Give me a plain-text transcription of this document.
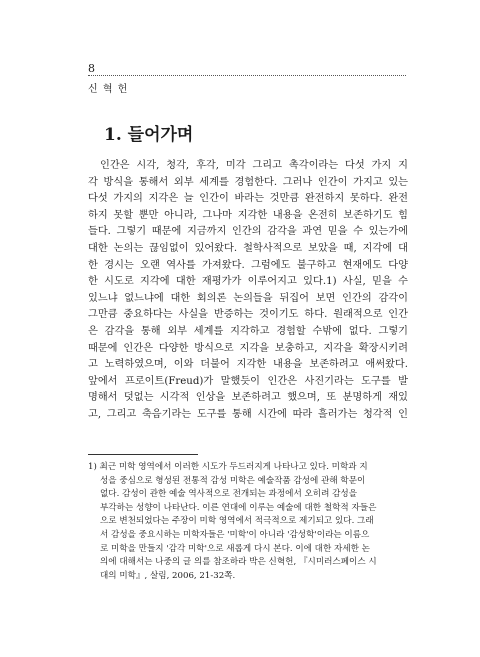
8
신 혁 헌
1. 들어가며
인간은 시각, 청각, 후각, 미각 그리고 촉각이라는 다섯 가지 지
각 방식을 통해서 외부 세계를 경험한다. 그러나 인간이 가지고 있는
다섯 가지의 지각은 늘 인간이 바라는 것만큼 완전하지 못하다. 완전
하지 못할 뿐만 아니라, 그나마 지각한 내용을 온전히 보존하기도 힘
들다. 그렇기 때문에 지금까지 인간의 감각을 과연 믿을 수 있는가에
대한 논의는 끊임없이 있어왔다. 철학사적으로 보았을 때, 지각에 대
한 경시는 오랜 역사를 가져왔다. 그럼에도 불구하고 현재에도 다양
한 시도로 지각에 대한 재평가가 이루어지고 있다.1) 사실, 믿을 수
있느냐 없느냐에 대한 회의론 논의들을 뒤집어 보면 인간의 감각이
그만큼 중요하다는 사실을 반증하는 것이기도 하다. 원래적으로 인간
은 감각을 통해 외부 세계를 지각하고 경험할 수밖에 없다. 그렇기
때문에 인간은 다양한 방식으로 지각을 보충하고, 지각을 확장시키려
고 노력하였으며, 이와 더불어 지각한 내용을 보존하려고 애써왔다.
앞에서 프로이트(Freud)가 말했듯이 인간은 사진기라는 도구를 발
명해서 덧없는 시각적 인상을 보존하려고 했으며, 또 분명하게 재있
고, 그리고 축음기라는 도구를 통해 시간에 따라 흘러가는 청각적 인
1) 최근 미학 영역에서 이러한 시도가 두드러지게 나타나고 있다. 미학과 지
성을 중심으로 형성된 전통적 감성 미학은 예술작품 감성에 관해 학문이
없다. 감성이 관한 예술 역사적으로 전개되는 과정에서 오히려 감성을
부각하는 성향이 나타난다. 이른 연대에 이루는 예술에 대한 철학적 자들은
으로 변천되었다는 주장이 미학 영역에서 적극적으로 제기되고 있다. 그래
서 감성을 중요시하는 미학자들은 '미학'이 아니라 '감성학'이라는 이름으
로 미학을 만들지 '감각 미학'으로 새롭게 다시 본다. 이에 대한 자세한 논
의에 대해서는 나중의 글 의를 참조하라 박은 신혁헌, 『시미러스페이스 시
대의 미학』, 살림, 2006, 21-32쪽.
